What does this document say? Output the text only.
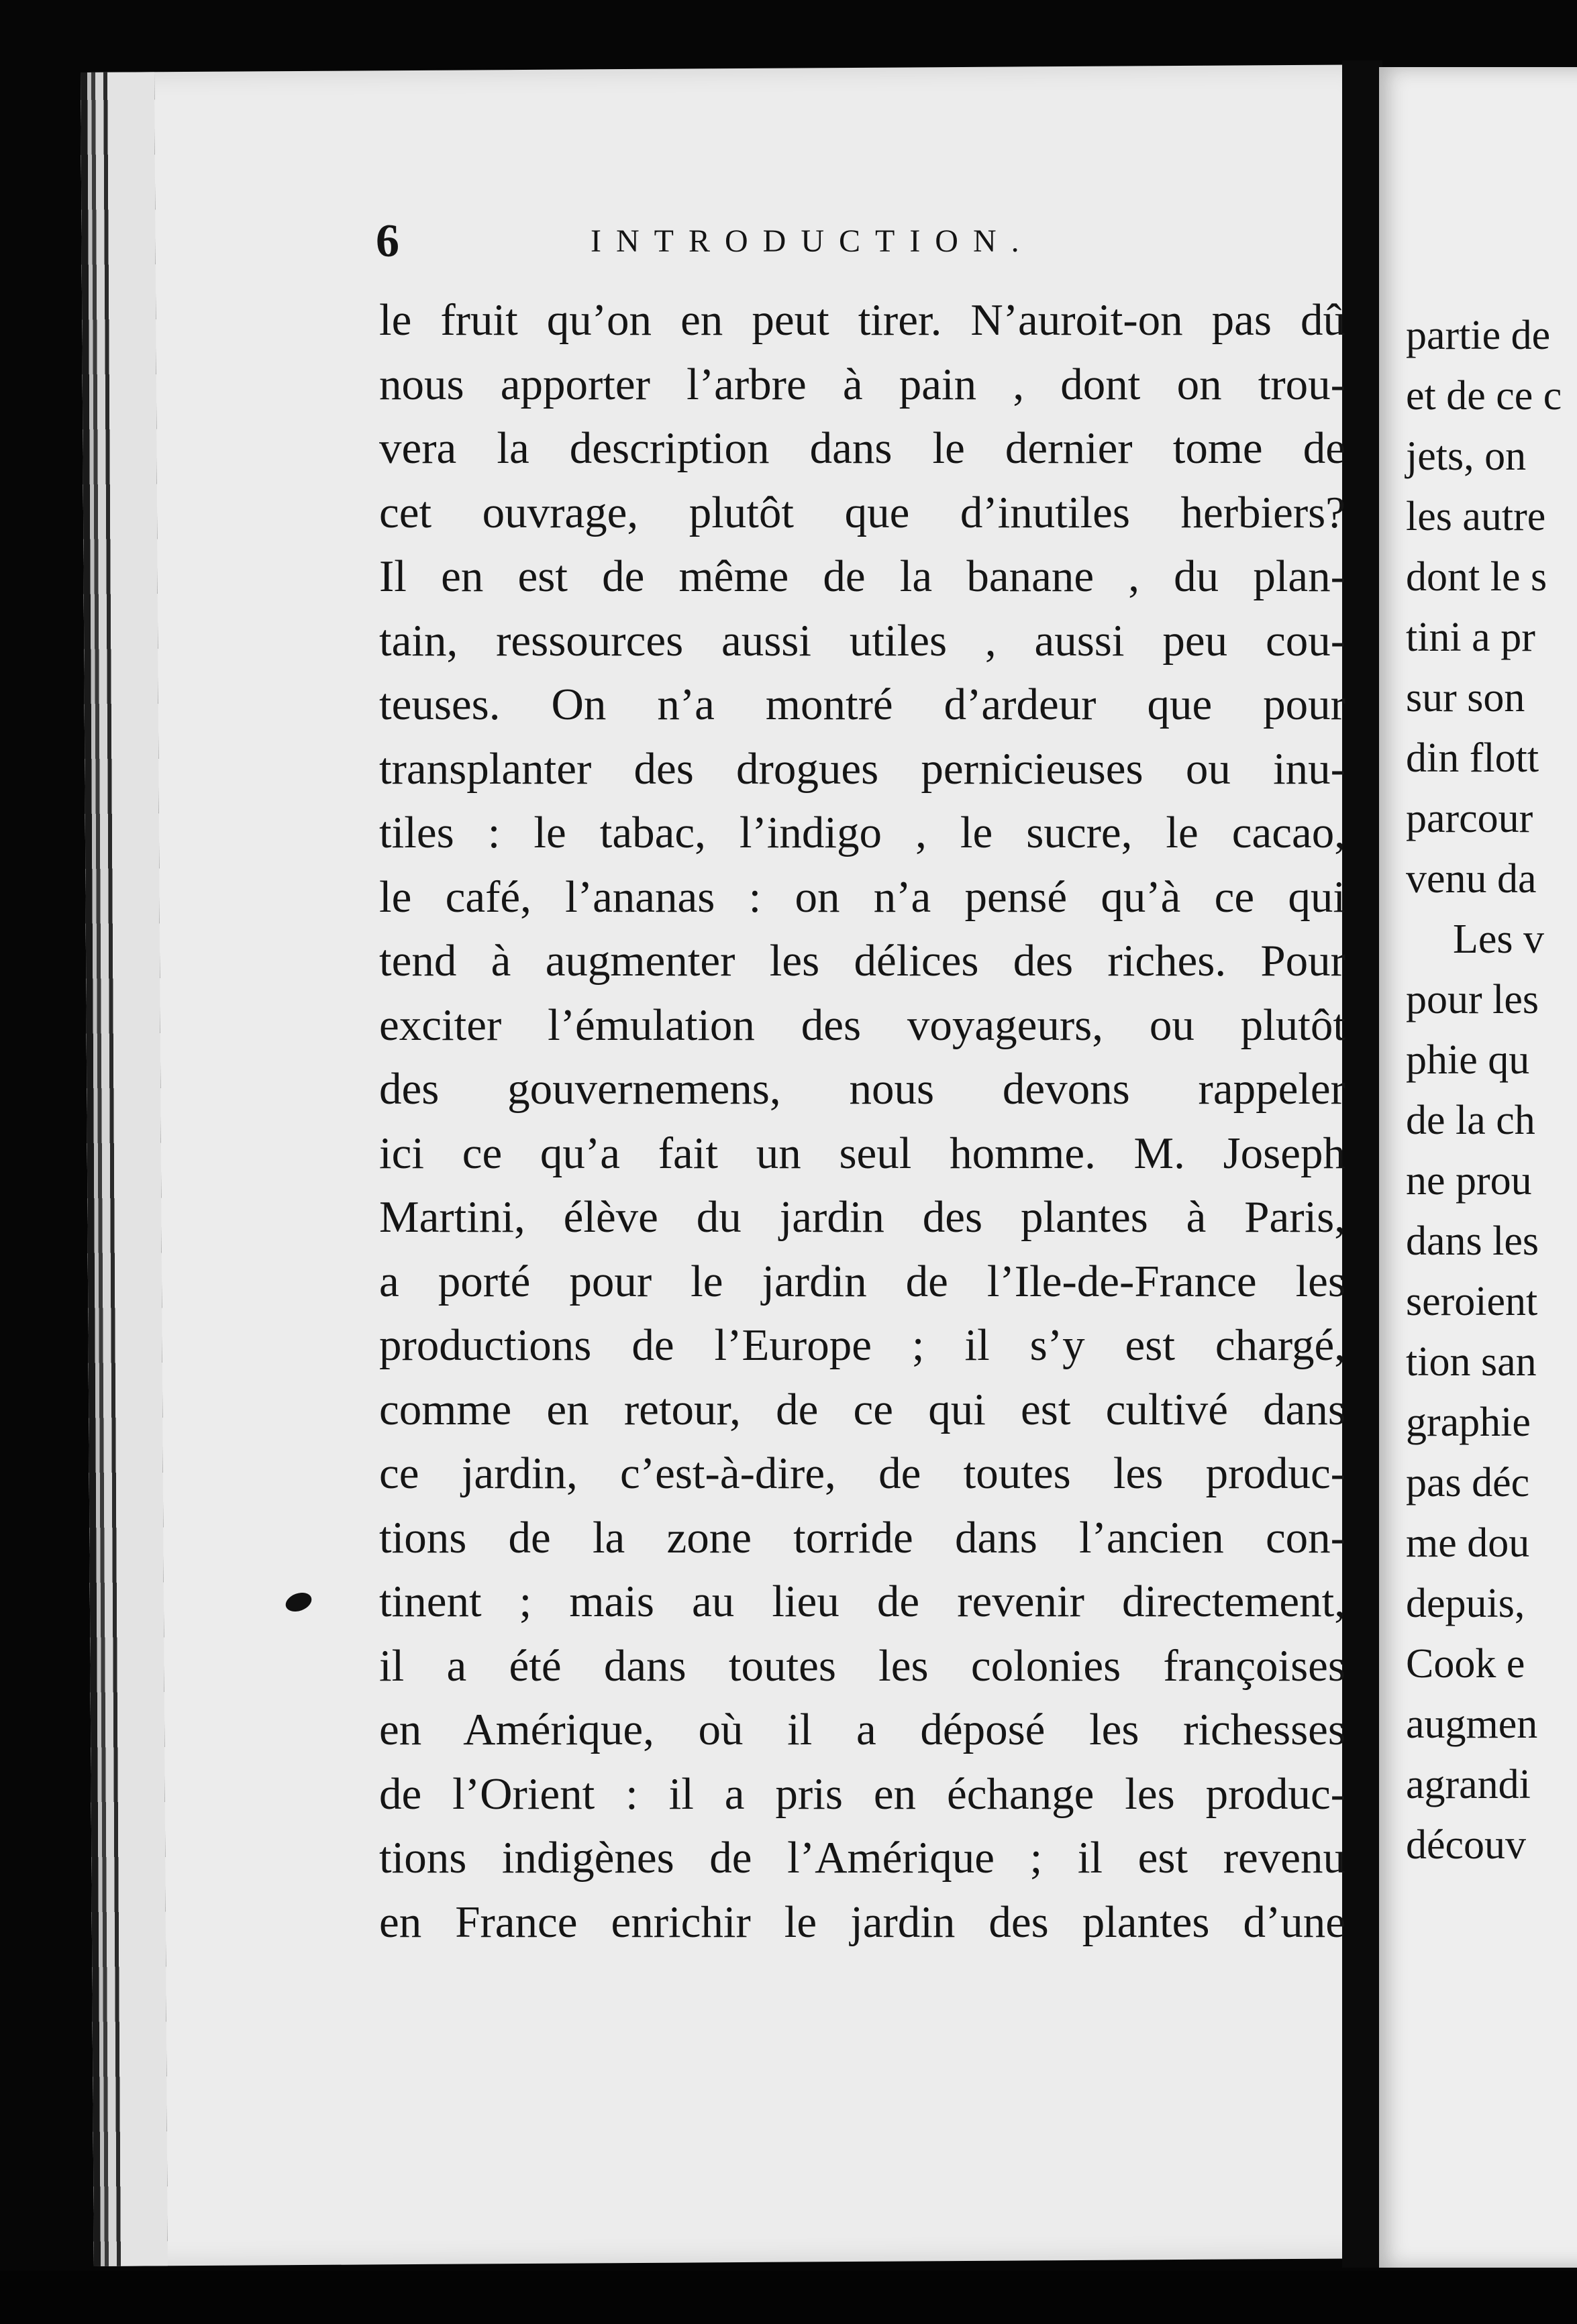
6	INTRODUCTION.
le fruit qu’on en peut tirer. N’auroit-on pas dû
nous apporter l’arbre à pain , dont on trou-
vera la description dans le dernier tome de
cet ouvrage, plutôt que d’inutiles herbiers?
Il en est de même de la banane , du plan-
tain, ressources aussi utiles , aussi peu cou-
teuses. On n’a montré d’ardeur que pour
transplanter des drogues pernicieuses ou inu-
tiles : le tabac, l’indigo , le sucre, le cacao,
le café, l’ananas : on n’a pensé qu’à ce qui
tend à augmenter les délices des riches. Pour
exciter l’émulation des voyageurs, ou plutôt
des gouvernemens, nous devons rappeler
ici ce qu’a fait un seul homme. M. Joseph
Martini, élève du jardin des plantes à Paris,
a porté pour le jardin de l’Ile-de-France les
productions de l’Europe ; il s’y est chargé,
comme en retour, de ce qui est cultivé dans
ce jardin, c’est-à-dire, de toutes les produc-
tions de la zone torride dans l’ancien con-
tinent ; mais au lieu de revenir directement,
il a été dans toutes les colonies françoises
en Amérique, où il a déposé les richesses
de l’Orient : il a pris en échange les produc-
tions indigènes de l’Amérique ; il est revenu
en France enrichir le jardin des plantes d’une
partie de
et de ce c
jets, on
les autre
dont le s
tini a pr
sur son
din flott
parcour
venu da
Les v
pour les
phie qu
de la ch
ne prou
dans les
seroient
tion san
graphie
pas déc
me dou
depuis,
Cook e
augmen
agrandi
découv
